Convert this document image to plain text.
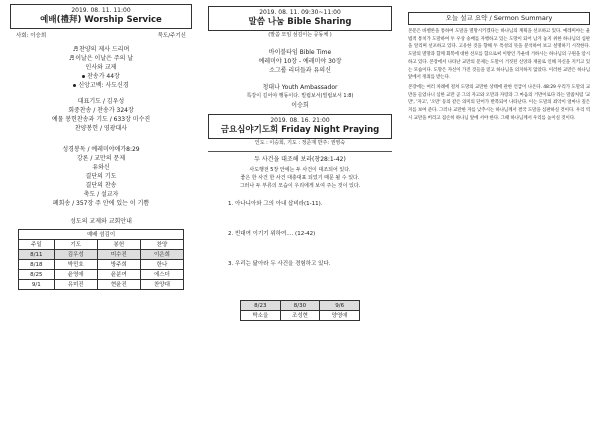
2019. 08. 11. 11:00
예배(禮拜) Worship Service
사회: 이승희	묵도/주기신
♬찬양의 제사 드리며
♬이날은 이날은 주의 날
인사와 교제
찬송가 44장
신앙고백: 사도신경
대표기도 / 김우성
회중찬송 / 찬송가 324장
예물 봉헌찬송과 기도 / 633장 미수진
찬양봉헌 / 영광대사
성경봉독 / 예레미야애가8:29
강론 / 교만의 문제
유와신
결단의 기도
결단의 찬송
축도 / 설교자
폐회송 / 357장 주 안에 있는 이 기쁨
성도의 교제와 교회안내
예배 섬김이			
주일	기도	봉헌	찬양
8/11	김우성	미수진	이은희
8/18	박민호	방주희	한나
8/25	윤영애	윤분여	에스더
9/1	유미진	현윤진	찬양대
2019. 08. 11. 09:30~11:00
말씀 나눔 Bible Sharing
(말씀 모임 섬김이는 공동체 )
바이블타임 Bible Time
예레미야 10장 - 예레미야 30장
소그룹 리더들과 유의신
청대나 Youth Ambassador
특강이 길어야 행동이다. 빌립보서(빌립보서 1:8)
이승희
2019. 08. 16. 21:00
금요심야기도회 Friday Night Praying
인도 : 이승희, 기도 : 정준재 반주: 권영숙
두 사건을 대조해 보라(창28:1-42)
사도행전 5장 안에는 두 사건이 대조되어 있다.
좋은 한 사건 한 사건 대충대표 되었기 때문 될 수 있다.
그러나 두 부류의 모습이 우리에게 보여 주는 것이 있다.
1. 아나니아와 그의 아내 삽비라(1-11).
2. 빈대여 이기기 위하여.... (12-42)
3. 우리는 닮아라 두 사건을 경험하고 있다.
8/23	8/30	9/6
박소을	조성현	양영애
오늘 설교 요약 / Sermon Summary
본문은 바벨론을 통하여 도말을 멸망시키겠다는 하나님의 계획을 선포하고 있다. 예레미야는 율법적 통치가 도말하여 두 우상 숭배를 자행하고 있는 도망이 되어 남겨 놓지 위한 하나님의 심판을 알리며 선포하고 있다. 고유한 것을 향해 두 특성의 뜻을 분석하여 보고 설명하기 시작한다. 도말의 멸망과 함께 회복에 대한 선포를 함으로써 이방인 가운데 거하시는 하나님의 구원을 암시하고 있다. 본장에서 나타난 교만의 문제는 도말이 거짓된 신앙과 재물로 인해 자신을 지키고 있는 모습이다. 도망은 자신이 가진 것들을 믿고 하나님을 의지하지 않았다. 이러한 교만은 하나님 앞에서 정죄를 받는다.
본장에는 여러 차례에 걸쳐 도망의 교만한 상태에 관한 언급이 나온다. 48:29 우리가 도말의 교만을 들었나니 심한 교만 곧 그의 자고와 오만과 자랑과 그 마음의 거만이로다 라는 말씀처럼 '교만', '자고', '오만' 등의 같은 의미의 단어가 반복되어 나타난다. 이는 도말의 죄악이 얼마나 깊은지를 보여 준다. 그러나 교만한 자를 낮추시는 하나님께서 결국 도말을 심판하실 것이다. 우리 역시 교만을 버리고 겸손히 하나님 앞에 서야 한다. 그때 하나님께서 우리를 높이실 것이다.
